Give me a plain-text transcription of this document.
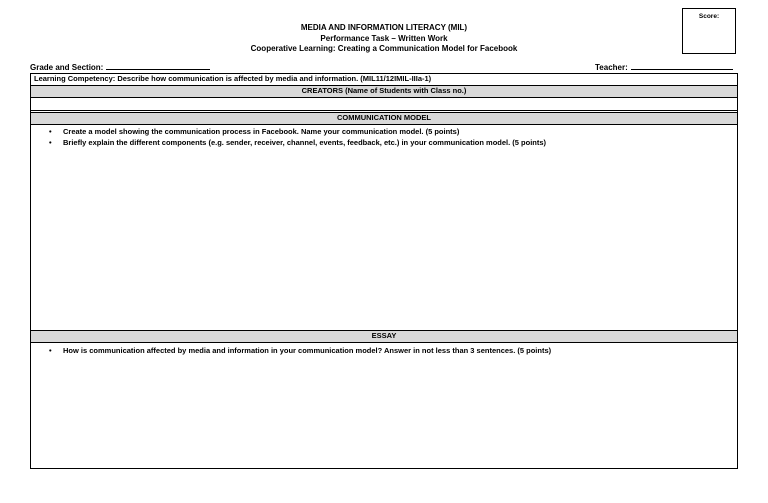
MEDIA AND INFORMATION LITERACY (MIL)
Performance Task – Written Work
Cooperative Learning: Creating a Communication Model for Facebook
Score:
Grade and Section:	Teacher:
Learning Competency: Describe how communication is affected by media and information. (MIL11/12IMIL-IIIa-1)
CREATORS (Name of Students with Class no.)
COMMUNICATION MODEL
• Create a model showing the communication process in Facebook. Name your communication model. (5 points)
• Briefly explain the different components (e.g. sender, receiver, channel, events, feedback, etc.) in your communication model. (5 points)
ESSAY
• How is communication affected by media and information in your communication model? Answer in not less than 3 sentences. (5 points)
